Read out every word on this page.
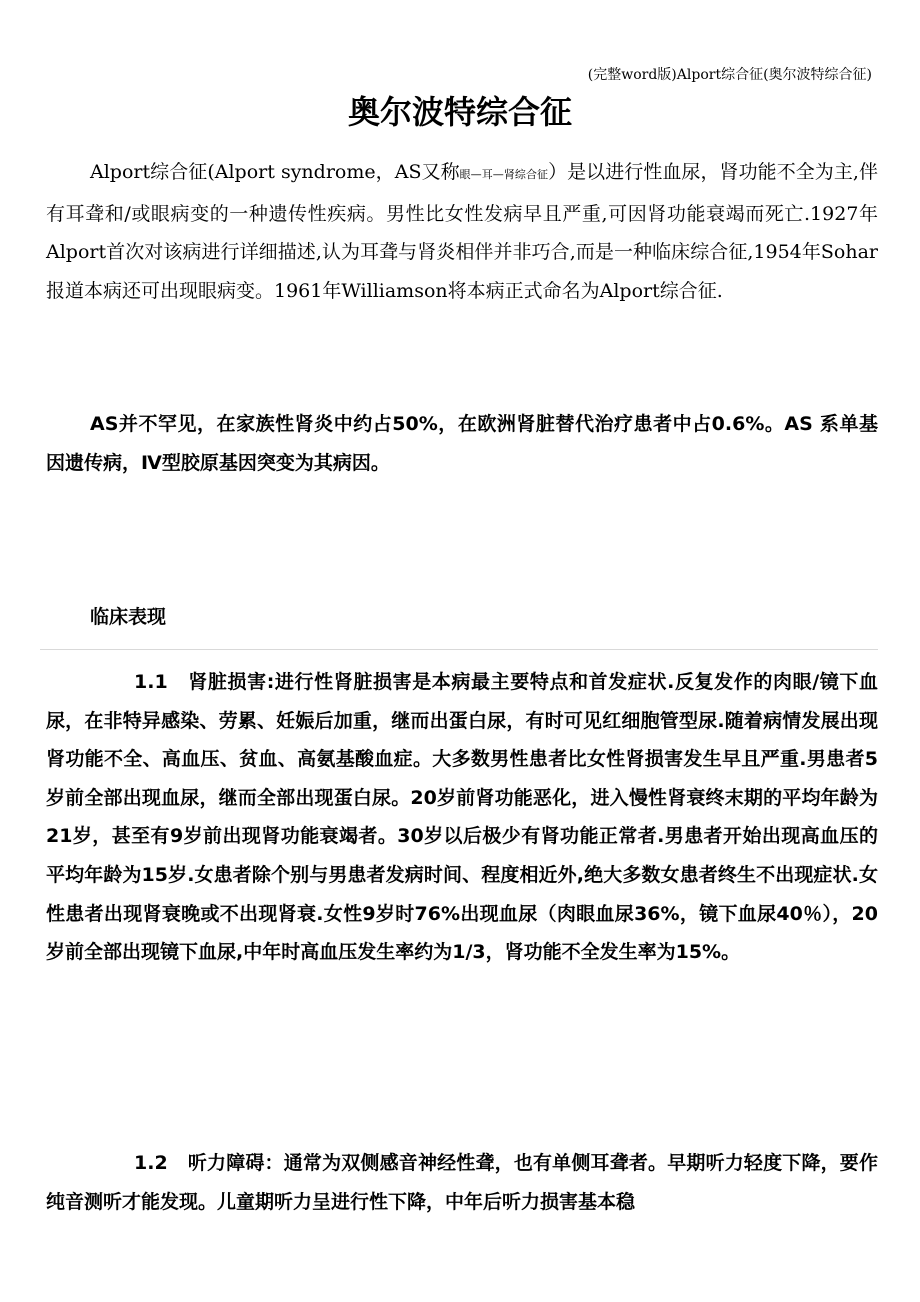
(完整word版)Alport综合征(奥尔波特综合征)
奥尔波特综合征

Alport综合征(Alport syndrome，AS又称眼—耳—肾综合征）是以进行性血尿，肾功能不全为主,伴有耳聋和/或眼病变的一种遗传性疾病。男性比女性发病早且严重,可因肾功能衰竭而死亡.1927年Alport首次对该病进行详细描述,认为耳聋与肾炎相伴并非巧合,而是一种临床综合征,1954年Sohar报道本病还可出现眼病变。1961年Williamson将本病正式命名为Alport综合征.

AS并不罕见，在家族性肾炎中约占50%，在欧洲肾脏替代治疗患者中占0.6%。AS 系单基因遗传病，Ⅳ型胶原基因突变为其病因。

临床表现

1.1 肾脏损害:进行性肾脏损害是本病最主要特点和首发症状.反复发作的肉眼/镜下血尿，在非特异感染、劳累、妊娠后加重，继而出蛋白尿，有时可见红细胞管型尿.随着病情发展出现肾功能不全、高血压、贫血、高氨基酸血症。大多数男性患者比女性肾损害发生早且严重.男患者5岁前全部出现血尿，继而全部出现蛋白尿。20岁前肾功能恶化，进入慢性肾衰终末期的平均年龄为21岁，甚至有9岁前出现肾功能衰竭者。30岁以后极少有肾功能正常者.男患者开始出现高血压的平均年龄为15岁.女患者除个别与男患者发病时间、程度相近外,绝大多数女患者终生不出现症状.女性患者出现肾衰晚或不出现肾衰.女性9岁时76%出现血尿（肉眼血尿36%，镜下血尿40％），20岁前全部出现镜下血尿,中年时高血压发生率约为1/3，肾功能不全发生率为15%。

1.2 听力障碍：通常为双侧感音神经性聋，也有单侧耳聋者。早期听力轻度下降，要作纯音测听才能发现。儿童期听力呈进行性下降，中年后听力损害基本稳
